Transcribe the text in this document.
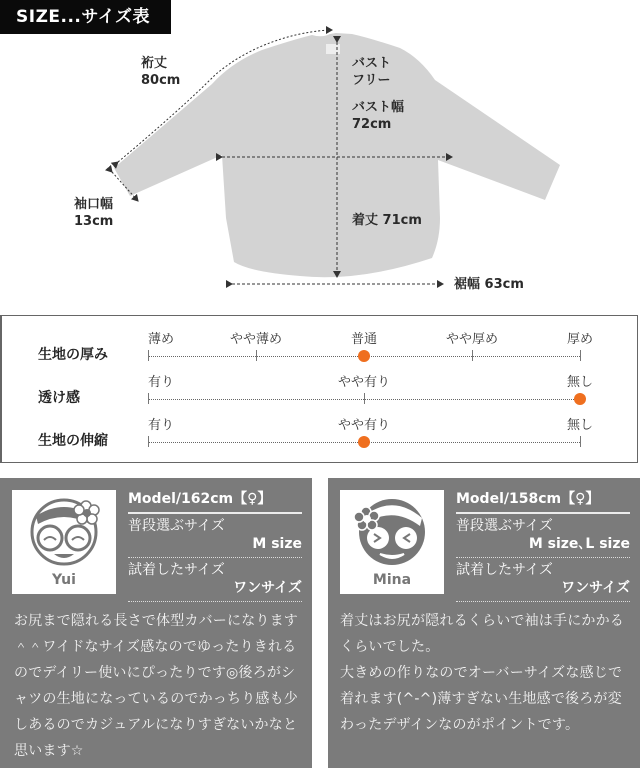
SIZE...サイズ表
裄丈
80cm
バスト
フリー
バスト幅
72cm
袖口幅
13cm	着丈 71cm
裾幅 63cm
生地の厚み
薄め	やや薄め	普通	やや厚め	厚め
透け感
有り	やや有り	無し
生地の伸縮
有り	やや有り	無し
Yui
Model/162cm【♀】
普段選ぶサイズ
M size
試着したサイズ
ワンサイズ

お尻まで隠れる長さで体型カバーになります＾＾ワイドなサイズ感なのでゆったりきれるのでデイリー使いにぴったりです◎後ろがシャツの生地になっているのでかっちり感も少しあるのでカジュアルになりすぎないかなと思います☆

Mina
Model/158cm【♀】
普段選ぶサイズ
M size､L size
試着したサイズ
ワンサイズ

着丈はお尻が隠れるくらいで袖は手にかかるくらいでした。

大きめの作りなのでオーバーサイズな感じで着れます(^-^)薄すぎない生地感で後ろが変わったデザインなのがポイントです。
